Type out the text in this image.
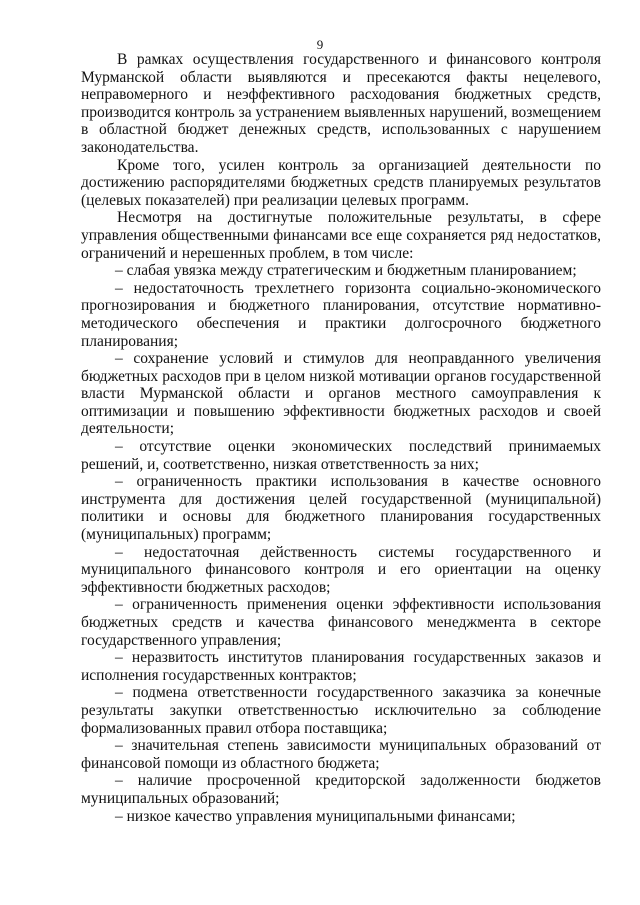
9

В рамках осуществления государственного и финансового контроля Мурманской области выявляются и пресекаются факты нецелевого, неправомерного и неэффективного расходования бюджетных средств, производится контроль за устранением выявленных нарушений, возмещением в областной бюджет денежных средств, использованных с нарушением законодательства.

Кроме того, усилен контроль за организацией деятельности по достижению распорядителями бюджетных средств планируемых результатов (целевых показателей) при реализации целевых программ.

Несмотря на достигнутые положительные результаты, в сфере управления общественными финансами все еще сохраняется ряд недостатков, ограничений и нерешенных проблем, в том числе:

– слабая увязка между стратегическим и бюджетным планированием;

– недостаточность трехлетнего горизонта социально-экономического прогнозирования и бюджетного планирования, отсутствие нормативно-методического обеспечения и практики долгосрочного бюджетного планирования;

– сохранение условий и стимулов для неоправданного увеличения бюджетных расходов при в целом низкой мотивации органов государственной власти Мурманской области и органов местного самоуправления к оптимизации и повышению эффективности бюджетных расходов и своей деятельности;

– отсутствие оценки экономических последствий принимаемых решений, и, соответственно, низкая ответственность за них;

– ограниченность практики использования в качестве основного инструмента для достижения целей государственной (муниципальной) политики и основы для бюджетного планирования государственных (муниципальных) программ;

– недостаточная действенность системы государственного и муниципального финансового контроля и его ориентации на оценку эффективности бюджетных расходов;

– ограниченность применения оценки эффективности использования бюджетных средств и качества финансового менеджмента в секторе государственного управления;

– неразвитость институтов планирования государственных заказов и исполнения государственных контрактов;

– подмена ответственности государственного заказчика за конечные результаты закупки ответственностью исключительно за соблюдение формализованных правил отбора поставщика;

– значительная степень зависимости муниципальных образований от финансовой помощи из областного бюджета;

– наличие просроченной кредиторской задолженности бюджетов муниципальных образований;

– низкое качество управления муниципальными финансами;
